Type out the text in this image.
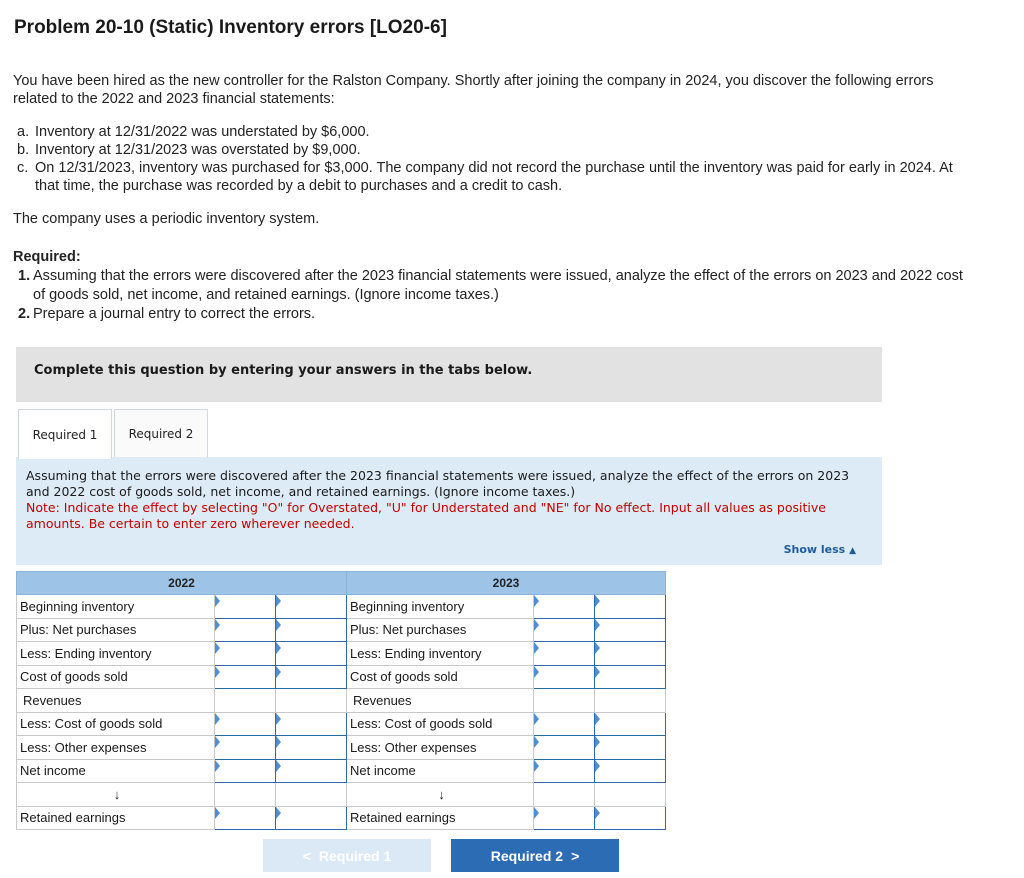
Problem 20-10 (Static) Inventory errors [LO20-6]
You have been hired as the new controller for the Ralston Company. Shortly after joining the company in 2024, you discover the following errors related to the 2022 and 2023 financial statements:
a. Inventory at 12/31/2022 was understated by $6,000.
b. Inventory at 12/31/2023 was overstated by $9,000.
c. On 12/31/2023, inventory was purchased for $3,000. The company did not record the purchase until the inventory was paid for early in 2024. At that time, the purchase was recorded by a debit to purchases and a credit to cash.
The company uses a periodic inventory system.
Required:
1. Assuming that the errors were discovered after the 2023 financial statements were issued, analyze the effect of the errors on 2023 and 2022 cost of goods sold, net income, and retained earnings. (Ignore income taxes.)
2. Prepare a journal entry to correct the errors.
Complete this question by entering your answers in the tabs below.
Required 1	Required 2
Assuming that the errors were discovered after the 2023 financial statements were issued, analyze the effect of the errors on 2023 and 2022 cost of goods sold, net income, and retained earnings. (Ignore income taxes.)
Note: Indicate the effect by selecting "O" for Overstated, "U" for Understated and "NE" for No effect. Input all values as positive amounts. Be certain to enter zero wherever needed.
Show less ▲
2022			2023		
Beginning inventory			Beginning inventory		
Plus: Net purchases			Plus: Net purchases		
Less: Ending inventory			Less: Ending inventory		
Cost of goods sold			Cost of goods sold		
Revenues			Revenues		
Less: Cost of goods sold			Less: Cost of goods sold		
Less: Other expenses			Less: Other expenses		
Net income			Net income		
↓			↓		
Retained earnings			Retained earnings		
< Required 1	Required 2 >
